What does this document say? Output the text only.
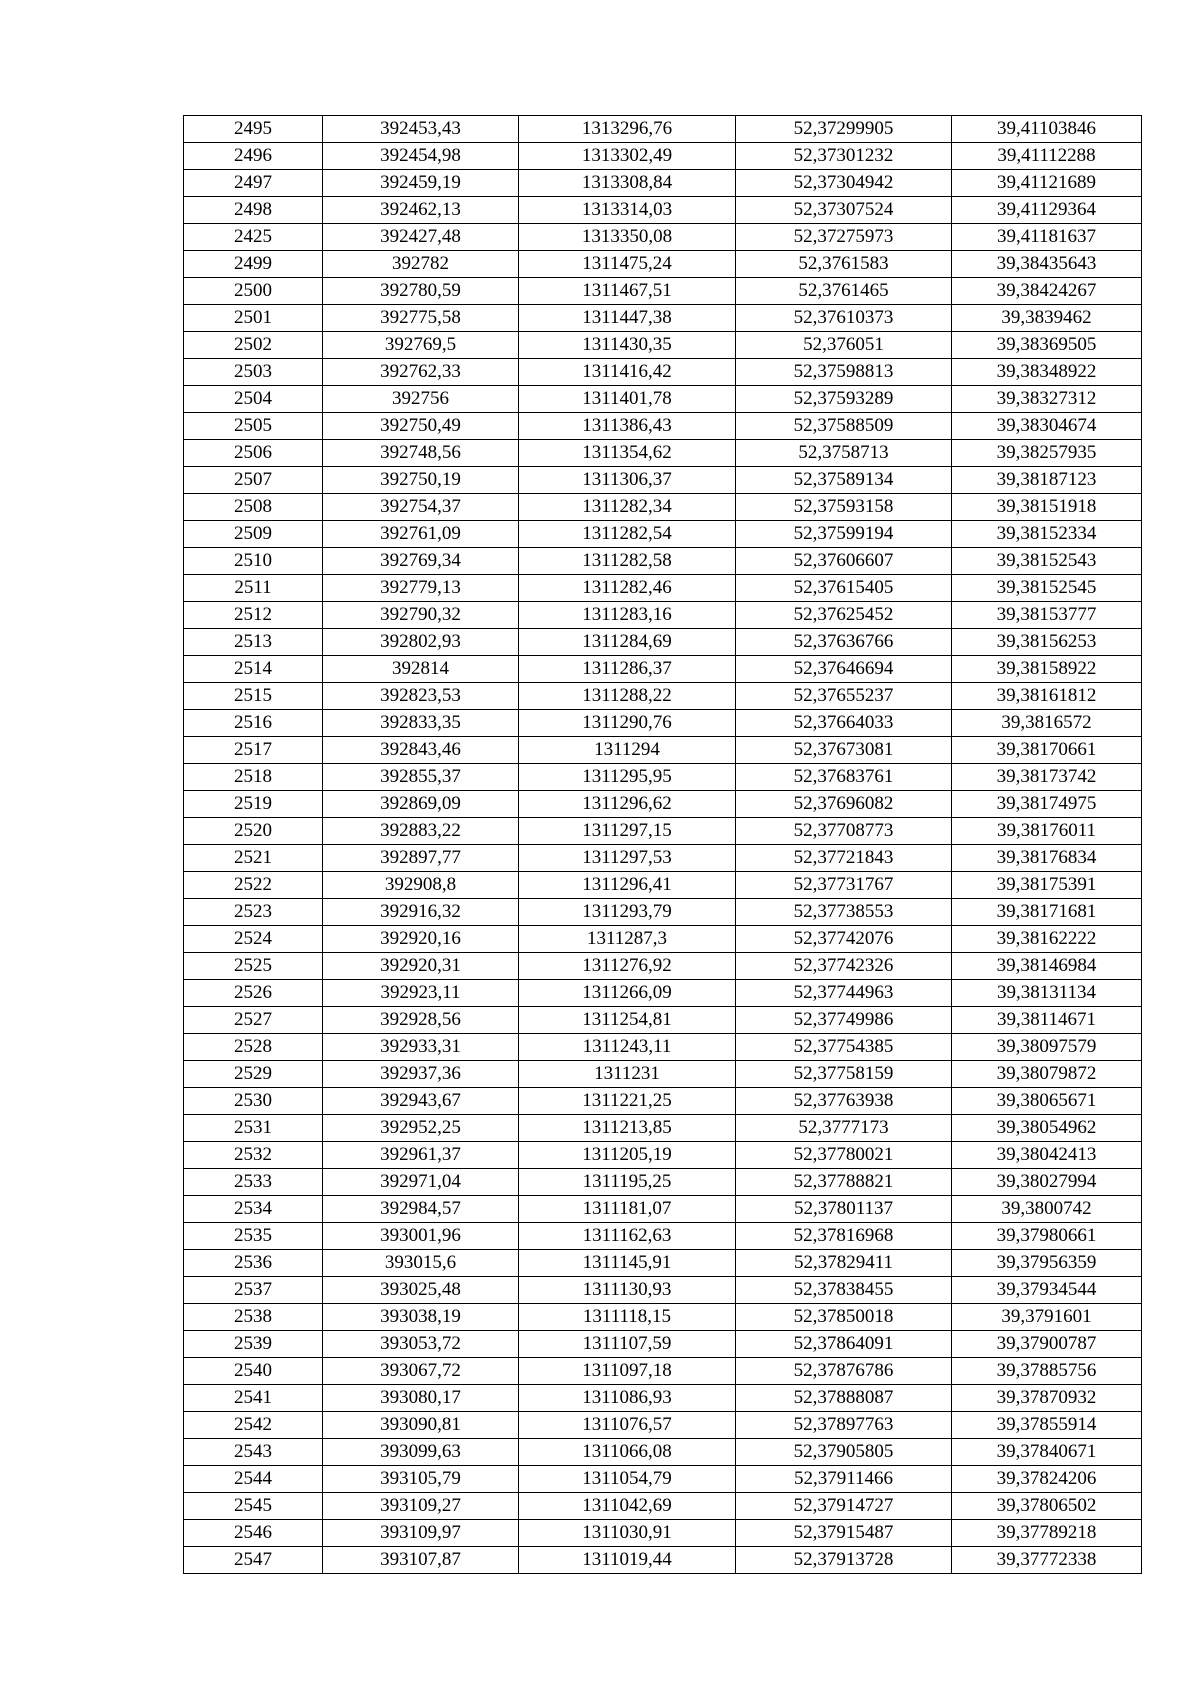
2495	392453,43	1313296,76	52,37299905	39,41103846
2496	392454,98	1313302,49	52,37301232	39,41112288
2497	392459,19	1313308,84	52,37304942	39,41121689
2498	392462,13	1313314,03	52,37307524	39,41129364
2425	392427,48	1313350,08	52,37275973	39,41181637
2499	392782	1311475,24	52,3761583	39,38435643
2500	392780,59	1311467,51	52,3761465	39,38424267
2501	392775,58	1311447,38	52,37610373	39,3839462
2502	392769,5	1311430,35	52,376051	39,38369505
2503	392762,33	1311416,42	52,37598813	39,38348922
2504	392756	1311401,78	52,37593289	39,38327312
2505	392750,49	1311386,43	52,37588509	39,38304674
2506	392748,56	1311354,62	52,3758713	39,38257935
2507	392750,19	1311306,37	52,37589134	39,38187123
2508	392754,37	1311282,34	52,37593158	39,38151918
2509	392761,09	1311282,54	52,37599194	39,38152334
2510	392769,34	1311282,58	52,37606607	39,38152543
2511	392779,13	1311282,46	52,37615405	39,38152545
2512	392790,32	1311283,16	52,37625452	39,38153777
2513	392802,93	1311284,69	52,37636766	39,38156253
2514	392814	1311286,37	52,37646694	39,38158922
2515	392823,53	1311288,22	52,37655237	39,38161812
2516	392833,35	1311290,76	52,37664033	39,3816572
2517	392843,46	1311294	52,37673081	39,38170661
2518	392855,37	1311295,95	52,37683761	39,38173742
2519	392869,09	1311296,62	52,37696082	39,38174975
2520	392883,22	1311297,15	52,37708773	39,38176011
2521	392897,77	1311297,53	52,37721843	39,38176834
2522	392908,8	1311296,41	52,37731767	39,38175391
2523	392916,32	1311293,79	52,37738553	39,38171681
2524	392920,16	1311287,3	52,37742076	39,38162222
2525	392920,31	1311276,92	52,37742326	39,38146984
2526	392923,11	1311266,09	52,37744963	39,38131134
2527	392928,56	1311254,81	52,37749986	39,38114671
2528	392933,31	1311243,11	52,37754385	39,38097579
2529	392937,36	1311231	52,37758159	39,38079872
2530	392943,67	1311221,25	52,37763938	39,38065671
2531	392952,25	1311213,85	52,3777173	39,38054962
2532	392961,37	1311205,19	52,37780021	39,38042413
2533	392971,04	1311195,25	52,37788821	39,38027994
2534	392984,57	1311181,07	52,37801137	39,3800742
2535	393001,96	1311162,63	52,37816968	39,37980661
2536	393015,6	1311145,91	52,37829411	39,37956359
2537	393025,48	1311130,93	52,37838455	39,37934544
2538	393038,19	1311118,15	52,37850018	39,3791601
2539	393053,72	1311107,59	52,37864091	39,37900787
2540	393067,72	1311097,18	52,37876786	39,37885756
2541	393080,17	1311086,93	52,37888087	39,37870932
2542	393090,81	1311076,57	52,37897763	39,37855914
2543	393099,63	1311066,08	52,37905805	39,37840671
2544	393105,79	1311054,79	52,37911466	39,37824206
2545	393109,27	1311042,69	52,37914727	39,37806502
2546	393109,97	1311030,91	52,37915487	39,37789218
2547	393107,87	1311019,44	52,37913728	39,37772338
